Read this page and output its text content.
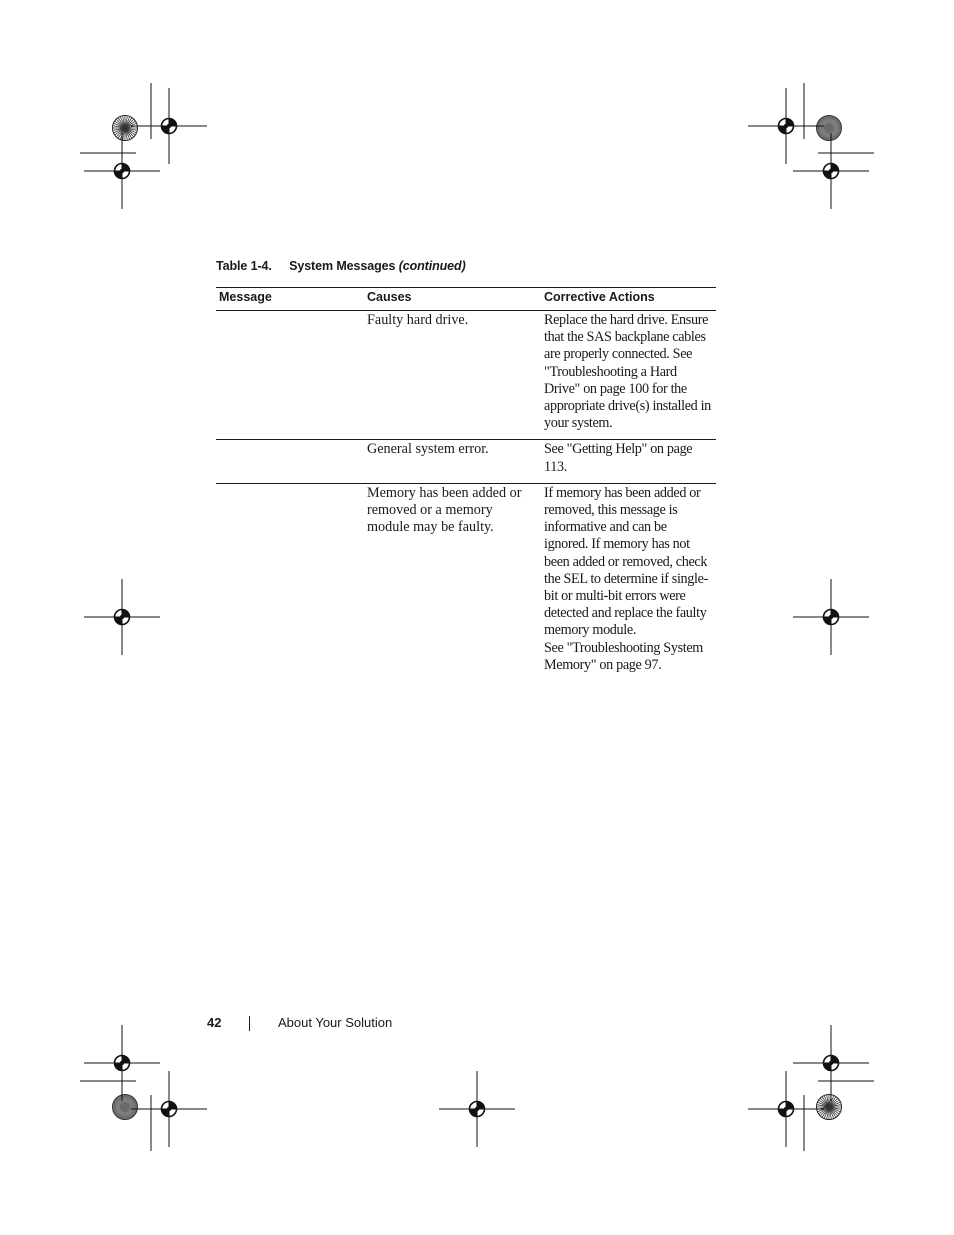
Table 1-4. System Messages (continued)
Message	Causes	Corrective Actions
	Faulty hard drive.	Replace the hard drive. Ensure that the SAS backplane cables are properly connected. See "Troubleshooting a Hard Drive" on page 100 for the appropriate drive(s) installed in your system.
	General system error.	See "Getting Help" on page 113.
	Memory has been added or removed or a memory module may be faulty.	If memory has been added or removed, this message is informative and can be ignored. If memory has not been added or removed, check the SEL to determine if single-bit or multi-bit errors were detected and replace the faulty memory module.
See "Troubleshooting System Memory" on page 97.
42	About Your Solution
